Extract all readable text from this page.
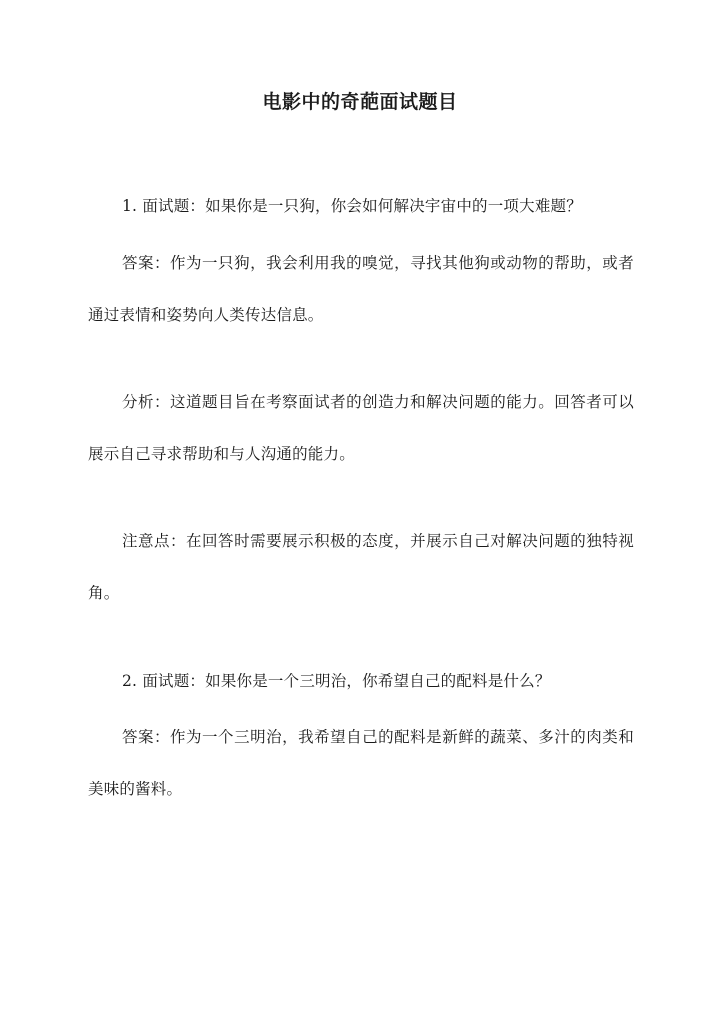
电影中的奇葩面试题目

1. 面试题：如果你是一只狗，你会如何解决宇宙中的一项大难题？

答案：作为一只狗，我会利用我的嗅觉，寻找其他狗或动物的帮助，或者通过表情和姿势向人类传达信息。

分析：这道题目旨在考察面试者的创造力和解决问题的能力。回答者可以展示自己寻求帮助和与人沟通的能力。

注意点：在回答时需要展示积极的态度，并展示自己对解决问题的独特视角。

2. 面试题：如果你是一个三明治，你希望自己的配料是什么？

答案：作为一个三明治，我希望自己的配料是新鲜的蔬菜、多汁的肉类和美味的酱料。
